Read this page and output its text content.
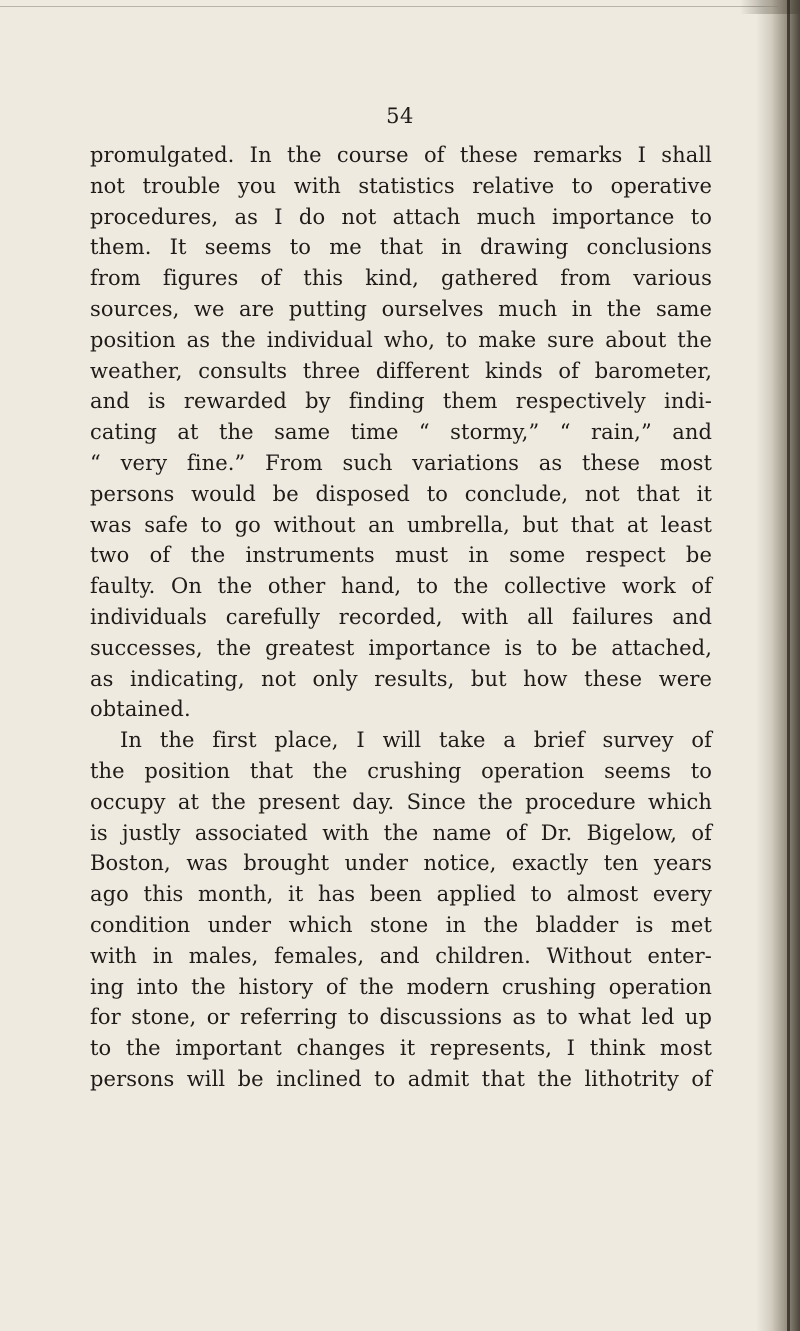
54
promulgated. In the course of these remarks I shall
not trouble you with statistics relative to operative
procedures, as I do not attach much importance to
them. It seems to me that in drawing conclusions
from figures of this kind, gathered from various
sources, we are putting ourselves much in the same
position as the individual who, to make sure about the
weather, consults three different kinds of barometer,
and is rewarded by finding them respectively indi-
cating at the same time “ stormy,” “ rain,” and
“ very fine.” From such variations as these most
persons would be disposed to conclude, not that it
was safe to go without an umbrella, but that at least
two of the instruments must in some respect be
faulty. On the other hand, to the collective work of
individuals carefully recorded, with all failures and
successes, the greatest importance is to be attached,
as indicating, not only results, but how these were
obtained.
In the first place, I will take a brief survey of
the position that the crushing operation seems to
occupy at the present day. Since the procedure which
is justly associated with the name of Dr. Bigelow, of
Boston, was brought under notice, exactly ten years
ago this month, it has been applied to almost every
condition under which stone in the bladder is met
with in males, females, and children. Without enter-
ing into the history of the modern crushing operation
for stone, or referring to discussions as to what led up
to the important changes it represents, I think most
persons will be inclined to admit that the lithotrity of
